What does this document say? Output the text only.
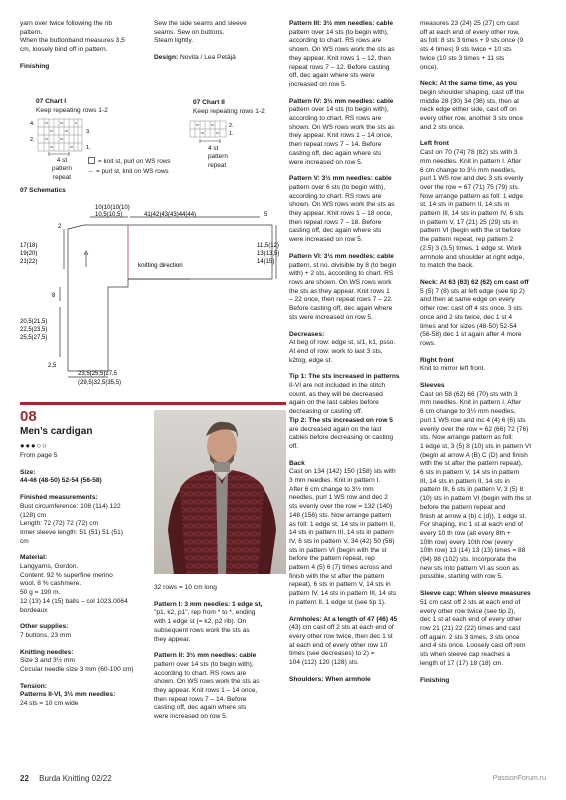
yarn over twice following the rib

pattern.

When the buttonband measures 3,5

cm, loosely bind off in pattern.

Finishing

07 Chart I

Keep repeating rows 1-2

4.
2.
3.
1.

4 st

pattern

repeat

= knit st, purl on WS rows

– = purl st, knit on WS rows

07 Chart II

Keep repeating rows 1-2

2.
1.

4 st

pattern

repeat

07 Schematics

10(10(10(10)
10,5(10,5)	41(42)43(43)44(44)	5
2
17(18)
19(20)
21(22)	knitting direction
11,5(12)
13(13,5)
14(15)
8
20,5(21,5)
22,5(23,5)
25,5(27,5)
2,5
23,5(25,5)27,5
(29,5)32,5(35,5)

Sew the side seams and sleeve

seams. Sew on buttons.

Steam lightly.

Design: Novita / Lea Petäjä

08
Men’s cardigan
●●●○○

From page 5

Size:

44-46 (48-50) 52-54 (56-58)

Finished measurements:

Bust circumference: 108 (114) 122

(128) cm

Length: 72 (72) 72 (72) cm

Inner sleeve length: 51 (51) 51 (51)

cm

Material:

Langyarns, Gordon.

Content: 92 % superfine merino

wool, 8 % cashmere.

50 g = 190 m.

12 (13) 14 (15) balls – col 1023.0064

bordeaux

Other supplies:

7 buttons, 23 mm

Knitting needles:

Size 3 and 3½ mm

Circular needle size 3 mm (60-100 cm)

Tension:

Patterns II-VI, 3½ mm needles:

24 sts = 10 cm wide

32 rows = 10 cm long

Pattern I: 3 mm needles: 1 edge st,

"p1, k2, p1", rep from * to *, ending

with 1 edge st (= k2, p2 rib). On

subsequent rows work the sts as

they appear.

Pattern II: 3½ mm needles: cable

pattern over 14 sts (to begin with),

according to chart. RS rows are

shown. On WS rows work the sts as

they appear. Knit rows 1 – 14 once,

then repeat rows 7 – 14. Before

casting off, dec again where sts

were increased on row 5.

Pattern III: 3½ mm needles: cable

pattern over 14 sts (to begin with),

according to chart. RS rows are

shown. On WS rows work the sts as

they appear. Knit rows 1 – 12, then

repeat rows 7 – 12. Before casting

off, dec again where sts were

increased on row 5.

Pattern IV: 3½ mm needles: cable

pattern over 14 sts (to begin with),

according to chart. RS rows are

shown. On WS rows work the sts as

they appear. Knit rows 1 – 14 once,

then repeat rows 7 – 14. Before

casting off, dec again where sts

were increased on row 5.

Pattern V: 3½ mm needles: cable

pattern over 6 sts (to begin with),

according to chart. RS rows are

shown. On WS rows work the sts as

they appear. Knit rows 1 – 18 once,

then repeat rows 7 – 18. Before

casting off, dec again where sts

were increased on row 5.

Pattern VI: 3½ mm needles: cable

pattern, st no. divisible by 8 (to begin

with) + 2 sts, according to chart. RS

rows are shown. On WS rows work

the sts as they appear. Knit rows 1

– 22 once, then repeat rows 7 – 22.

Before casting off, dec again where

sts were increased on row 5.

Decreases:

At beg of row: edge st, sl1, k1, psso.

At end of row: work to last 3 sts,

k2tog, edge st.

Tip 1: The sts increased in patterns

II-VI are not included in the stitch

count, as they will be decreased

again on the last cables before

decreasing or casting off.

Tip 2: The sts increased on row 5

are decreased again on the last

cables before decreasing or casting

off.

Back

Cast on 134 (142) 150 (158) sts with

3 mm needles. Knit in pattern I.

After 6 cm change to 3½ mm

needles, purl 1 WS row and dec 2

sts evenly over the row = 132 (140)

148 (156) sts. Now arrange pattern

as foll: 1 edge st, 14 sts in pattern II,

14 sts in pattern III, 14 sts in pattern

IV, 6 sts in pattern V, 34 (42) 50 (58)

sts in pattern VI (begin with the st

before the pattern repeat, rep

pattern 4 (5) 6 (7) times across and

finish with the st after the pattern

repeat), 6 sts in pattern V, 14 sts in

pattern IV, 14 sts in pattern III, 14 sts

in pattern II, 1 edge st (see tip 1).

Armholes: At a length of 47 (46) 45

(43) cm cast off 2 sts at each end of

every other row twice, then dec 1 st

at each end of every other row 10

times (see decreases) to 2) =

104 (112) 120 (128) sts.

Shoulders: When armhole

measures 23 (24) 25 (27) cm cast

off at each end of every other row,

as foll: 8 sts 3 times + 9 sts once (9

sts 4 times) 9 sts twice + 10 sts

twice (10 sts 3 times + 11 sts

once).

Neck: At the same time, as you

begin shoulder shaping, cast off the

middle 28 (30) 34 (36) sts, then at

neck edge either side, cast off on

every other row, another 3 sts once

and 2 sts once.

Left front

Cast on 70 (74) 78 (82) sts with 3

mm needles. Knit in pattern I. After

6 cm change to 3½ mm needles,

purl 1 WS row and dec 3 sts evenly

over the row = 67 (71) 75 (79) sts.

Now arrange pattern as foll: 1 edge

st, 14 sts in pattern II, 14 sts in

pattern III, 14 sts in pattern IV, 6 sts

in pattern V, 17 (21) 25 (29) sts in

pattern VI (begin with the st before

the pattern repeat, rep pattern 2

(2.5) 3 (3.5) times, 1 edge st. Work

armhole and shoulder at right edge,

to match the back.

Neck: At 63 (63) 62 (62) cm cast off

5 (5) 7 (8) sts at left edge (see tip 2)

and then at same edge on every

other row: cast off 4 sts once, 3 sts

once and 2 sts twice, dec 1 st 4

times and for sizes (48-50) 52-54

(56-58) dec 1 st again after 4 more

rows.

Right front

Knit to mirror left front.

Sleeves

Cast on 58 (62) 66 (70) sts with 3

mm needles. Knit in pattern I. After

6 cm change to 3½ mm needles,

purl 1 WS row and inc 4 (4) 6 (6) sts

evenly over the row = 62 (66) 72 (76)

sts. Now arrange pattern as foll:

1 edge st, 3 (5) 8 (10) sts in pattern VI

(begin at arrow A (B) C (D) and finish

with the st after the pattern repeat),

6 sts in pattern V, 14 sts in pattern

III, 14 sts in pattern II, 14 sts in

pattern III, 6 sts in pattern V, 3 (5) 8

(10) sts in pattern VI (begin with the st

before the pattern repeat and

finish at arrow a (b) c (d)), 1 edge st.

For shaping, inc 1 st at each end of

every 10 th row (alt every 8th +

10th row) every 10th row (every

10th row) 13 (14) 13 (13) times = 88

(94) 98 (102) sts. Incorporate the

new sts into pattern VI as soon as

possible, starting with row 5.

Sleeve cap: When sleeve measures

51 cm cast off 2 sts at each end of

every other row twice (see tip 2),

dec 1 st at each end of every other

row 21 (21) 22 (22) times and cast

off again: 2 sts 3 times, 3 sts once

and 4 sts once. Loosely cast off rem

sts when sleeve cap reaches a

length of 17 (17) 18 (18) cm.

Finishing

22 Burda Knitting 02/22	PassionForum.ru
